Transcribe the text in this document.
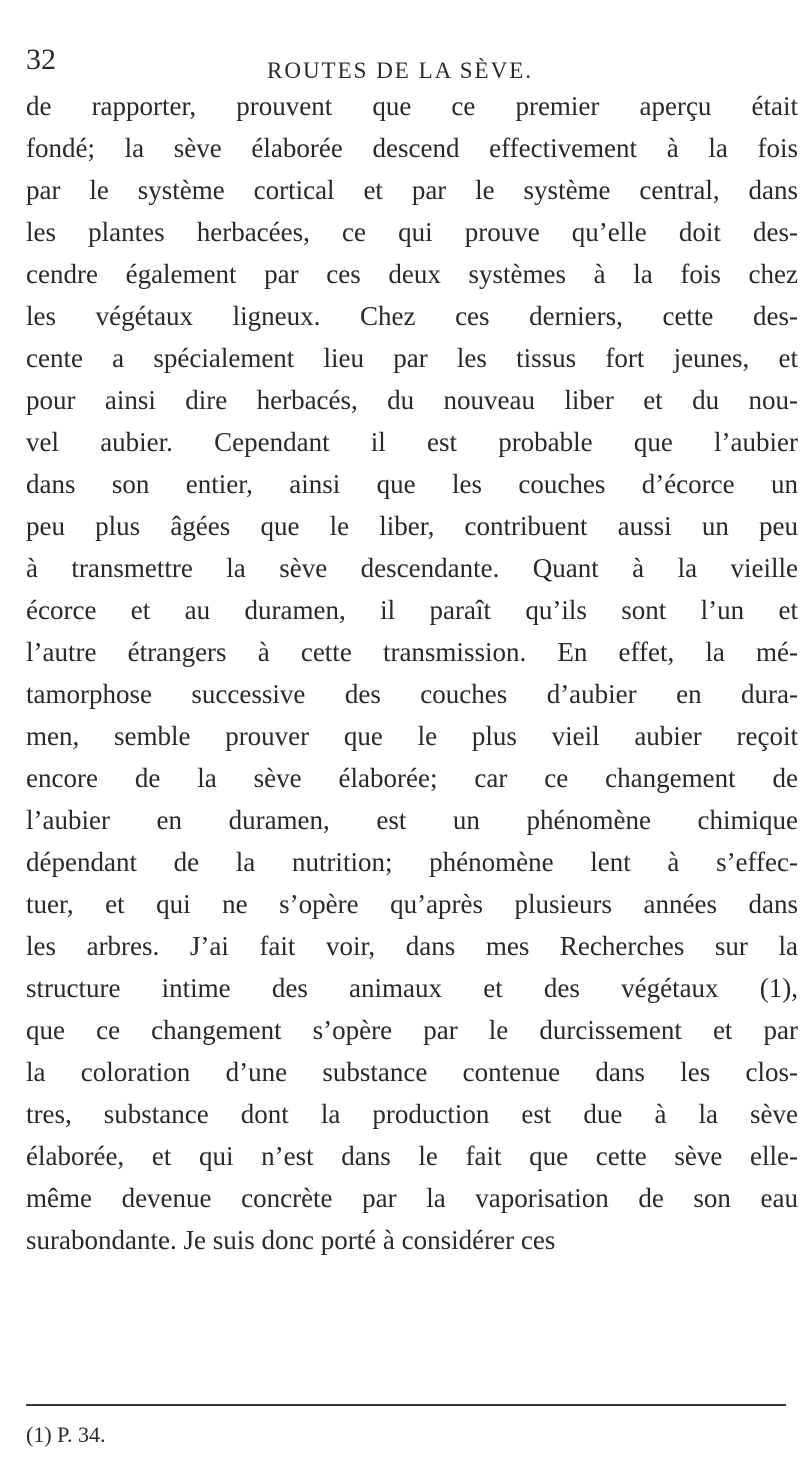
32	ROUTES DE LA SÈVE.
de rapporter, prouvent que ce premier aperçu était
fondé; la sève élaborée descend effectivement à la fois
par le système cortical et par le système central, dans
les plantes herbacées, ce qui prouve qu’elle doit des-
cendre également par ces deux systèmes à la fois chez
les végétaux ligneux. Chez ces derniers, cette des-
cente a spécialement lieu par les tissus fort jeunes, et
pour ainsi dire herbacés, du nouveau liber et du nou-
vel aubier. Cependant il est probable que l’aubier
dans son entier, ainsi que les couches d’écorce un
peu plus âgées que le liber, contribuent aussi un peu
à transmettre la sève descendante. Quant à la vieille
écorce et au duramen, il paraît qu’ils sont l’un et
l’autre étrangers à cette transmission. En effet, la mé-
tamorphose successive des couches d’aubier en dura-
men, semble prouver que le plus vieil aubier reçoit
encore de la sève élaborée; car ce changement de
l’aubier en duramen, est un phénomène chimique
dépendant de la nutrition; phénomène lent à s’effec-
tuer, et qui ne s’opère qu’après plusieurs années dans
les arbres. J’ai fait voir, dans mes Recherches sur la
structure intime des animaux et des végétaux (1),
que ce changement s’opère par le durcissement et par
la coloration d’une substance contenue dans les clos-
tres, substance dont la production est due à la sève
élaborée, et qui n’est dans le fait que cette sève elle-
même devenue concrète par la vaporisation de son eau
surabondante. Je suis donc porté à considérer ces
(1) P. 34.
